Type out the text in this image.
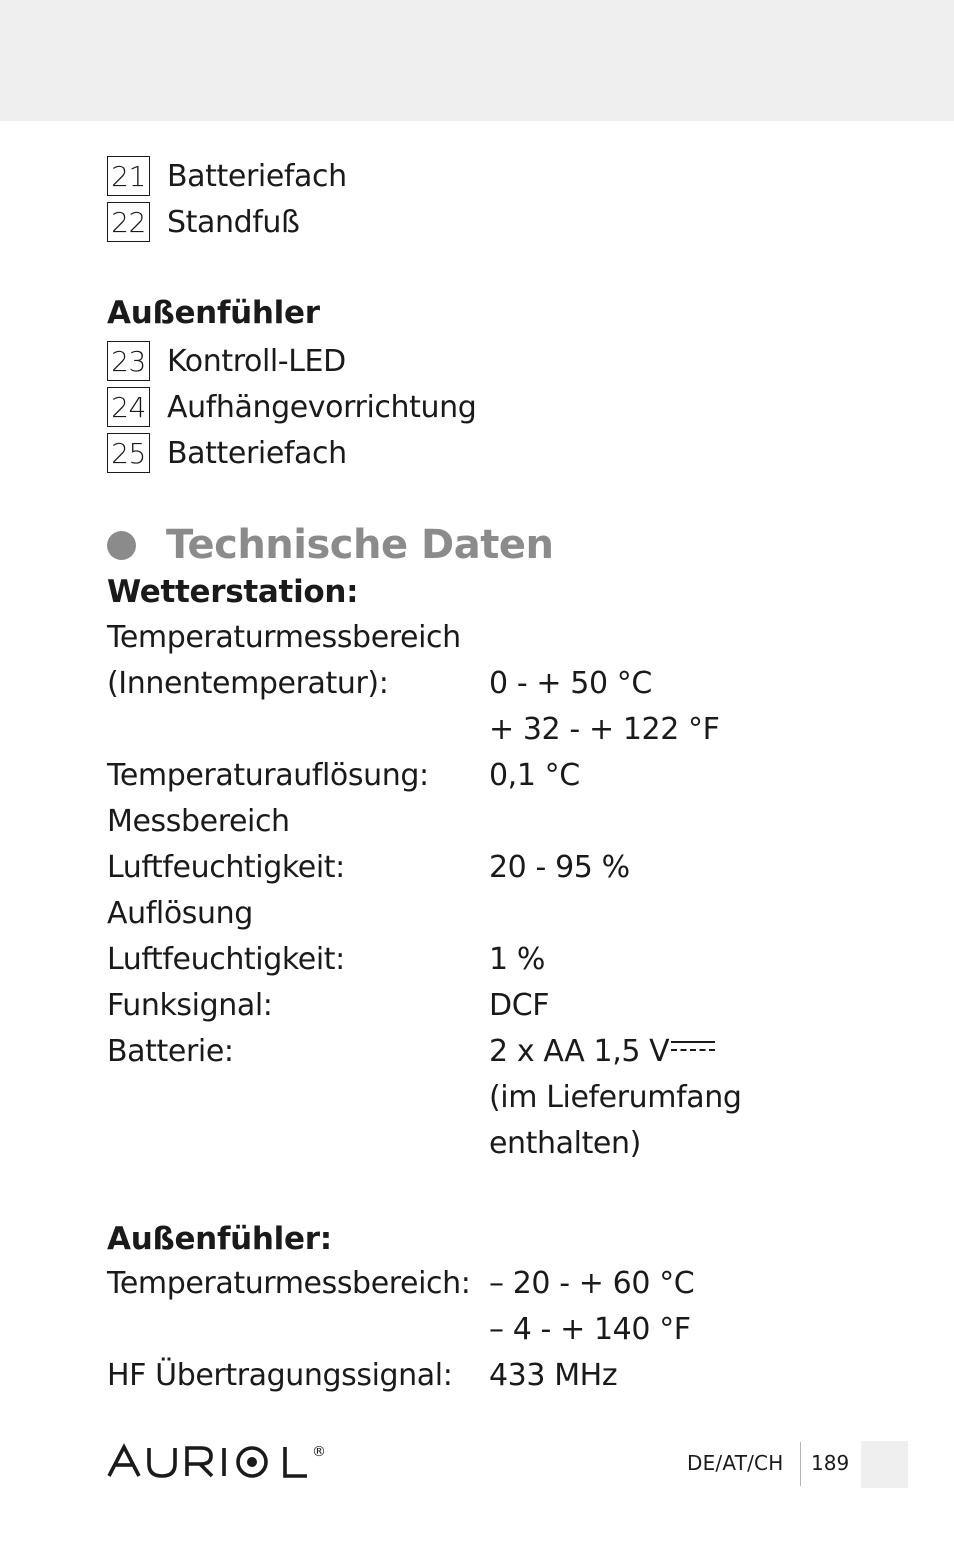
21 Batteriefach
22 Standfuß
Außenfühler
23 Kontroll-LED
24 Aufhängevorrichtung
25 Batteriefach
Technische Daten
Wetterstation:
Temperaturmessbereich
(Innentemperatur):	0 - + 50 °C
+ 32 - + 122 °F
Temperaturauflösung: 0,1 °C
Messbereich
Luftfeuchtigkeit:	20 - 95 %
Auflösung
Luftfeuchtigkeit:	1 %
Funksignal:	DCF
Batterie:	2 x AA 1,5 V
(im Lieferumfang
enthalten)
Außenfühler:
Temperaturmessbereich: – 20 - + 60 °C
– 4 - + 140 °F
HF Übertragungssignal: 433 MHz
®	DE/AT/CH 189
